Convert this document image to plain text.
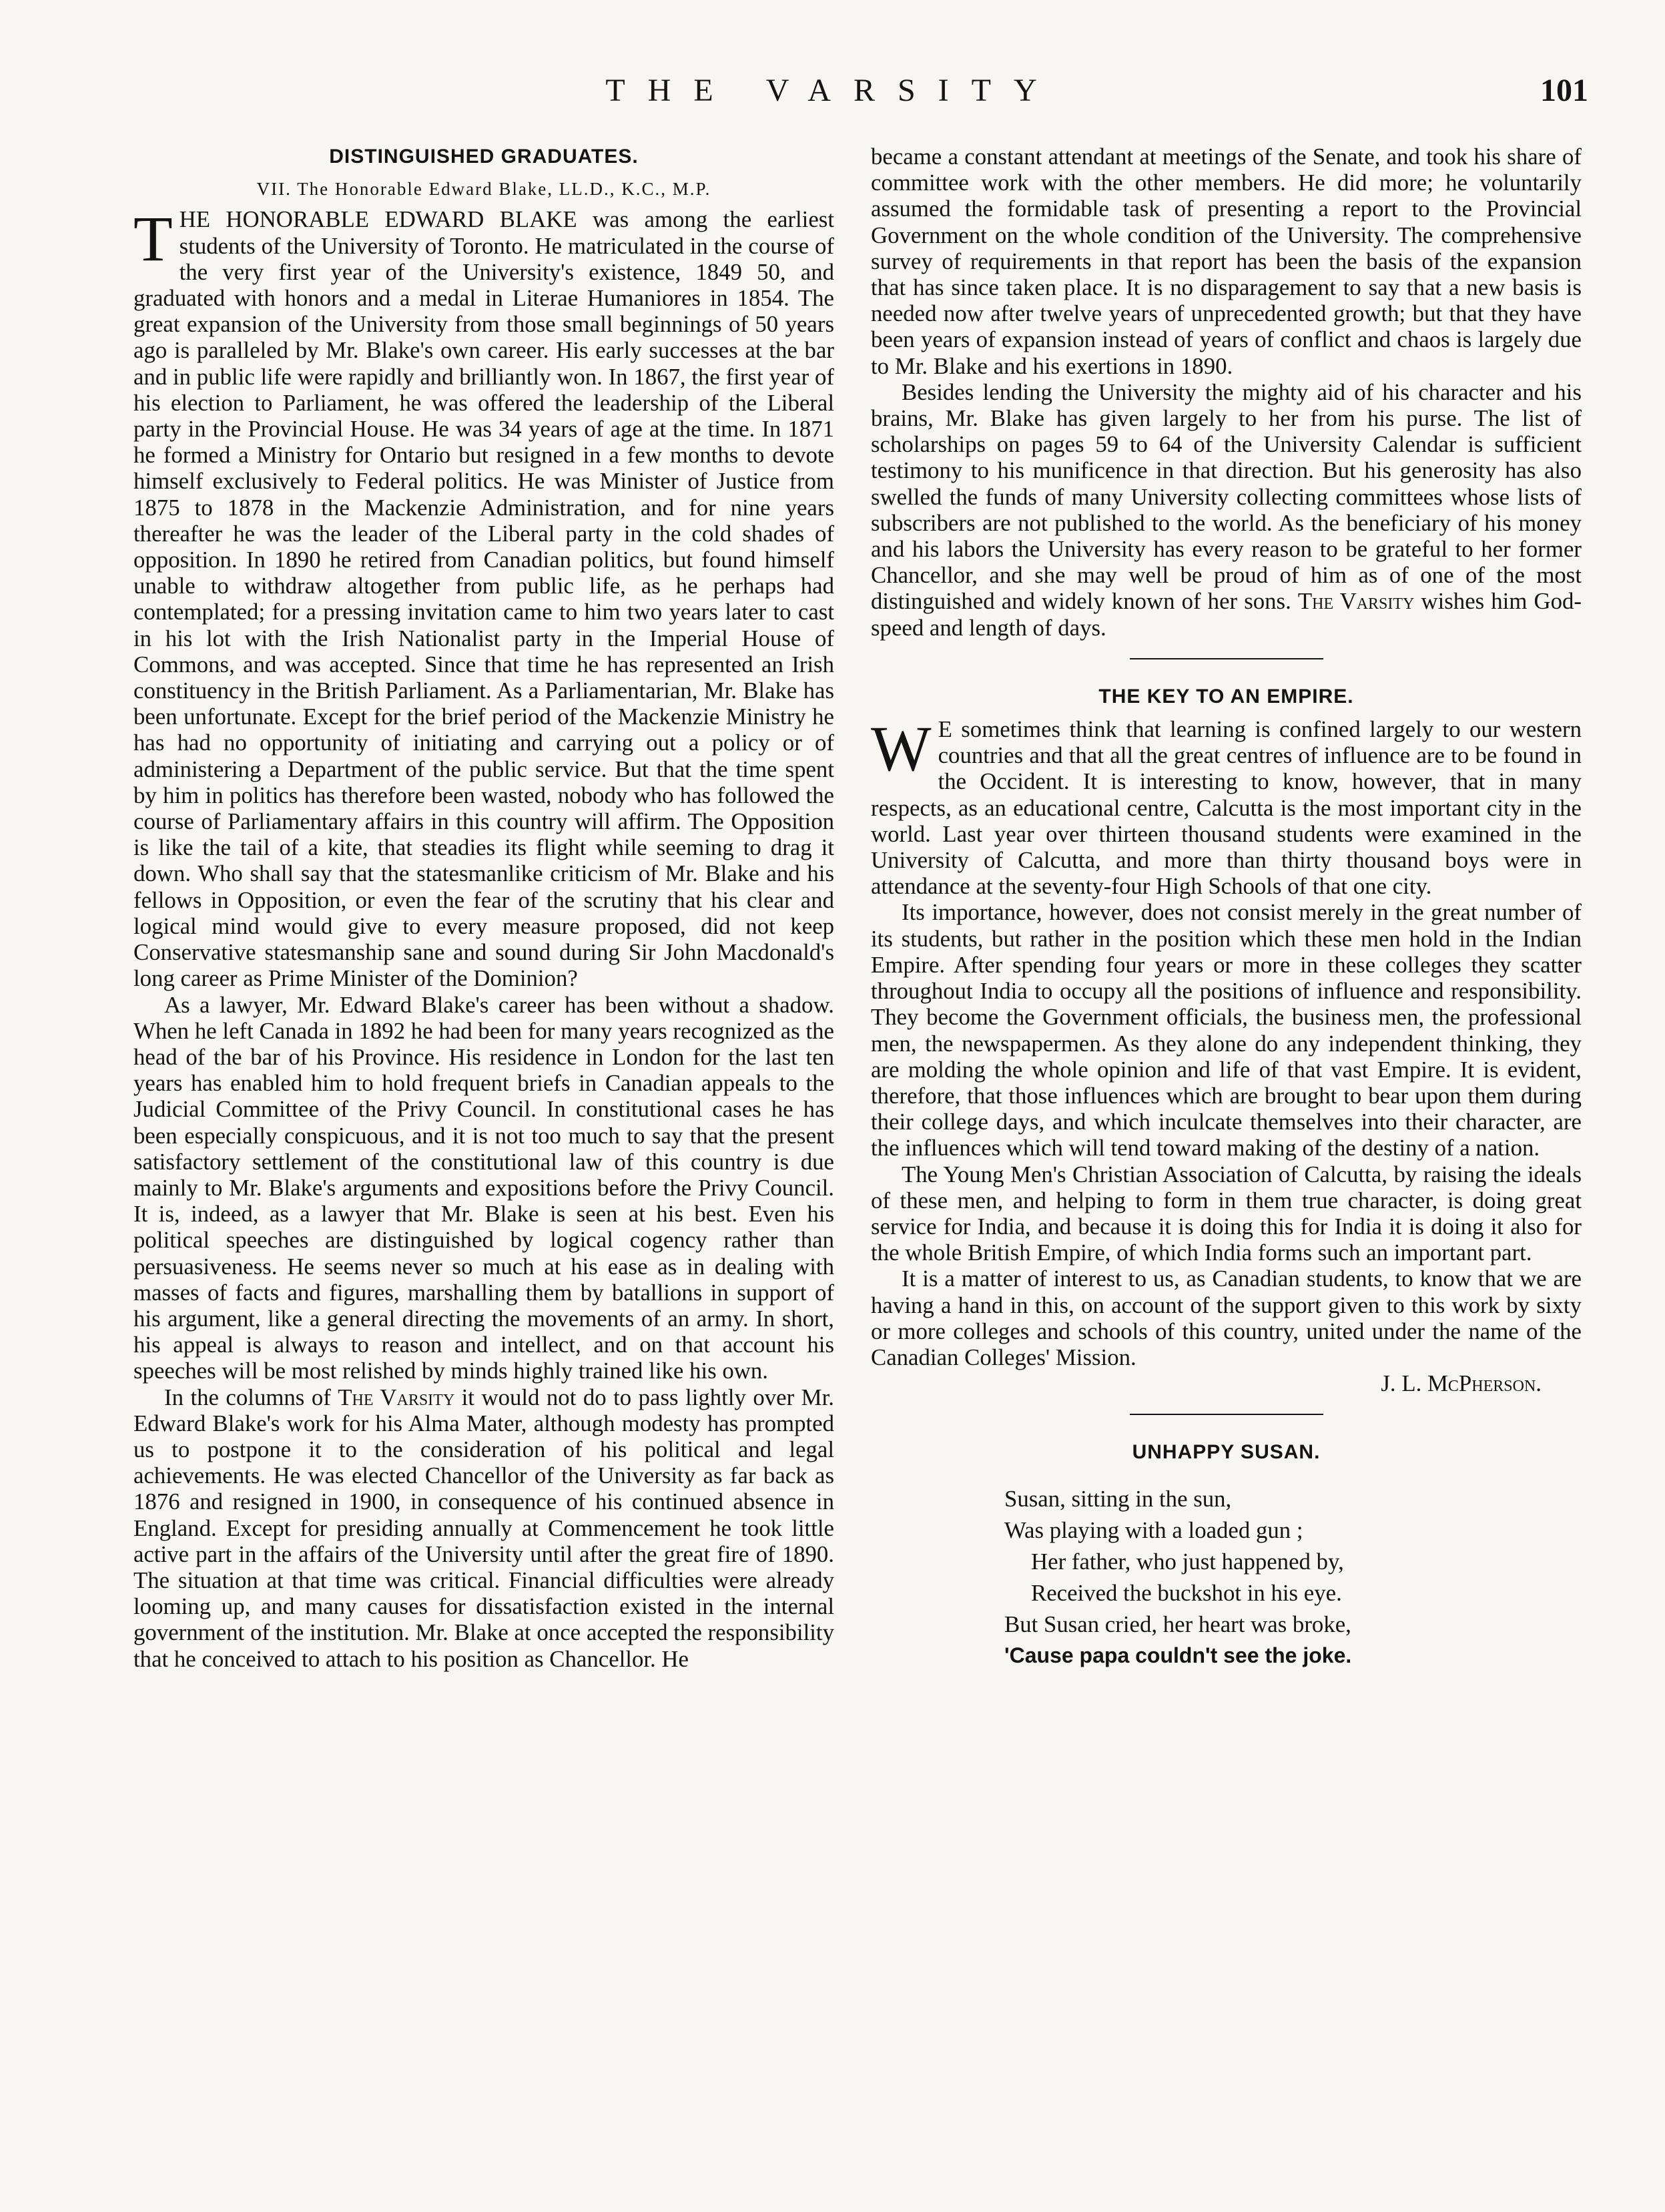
THE VARSITY	101
DISTINGUISHED GRADUATES.
VII. The Honorable Edward Blake, LL.D., K.C., M.P.

THE HONORABLE EDWARD BLAKE was among the earliest students of the University of Toronto. He matriculated in the course of the very first year of the University's existence, 1849 50, and graduated with honors and a medal in Literae Humaniores in 1854. The great expansion of the University from those small beginnings of 50 years ago is paralleled by Mr. Blake's own career. His early successes at the bar and in public life were rapidly and brilliantly won. In 1867, the first year of his election to Parliament, he was offered the leadership of the Liberal party in the Provincial House. He was 34 years of age at the time. In 1871 he formed a Ministry for Ontario but resigned in a few months to devote himself exclusively to Federal politics. He was Minister of Justice from 1875 to 1878 in the Mackenzie Administration, and for nine years thereafter he was the leader of the Liberal party in the cold shades of opposition. In 1890 he retired from Canadian politics, but found himself unable to withdraw altogether from public life, as he perhaps had contemplated; for a pressing invitation came to him two years later to cast in his lot with the Irish Nationalist party in the Imperial House of Commons, and was accepted. Since that time he has represented an Irish constituency in the British Parliament. As a Parliamentarian, Mr. Blake has been unfortunate. Except for the brief period of the Mackenzie Ministry he has had no opportunity of initiating and carrying out a policy or of administering a Department of the public service. But that the time spent by him in politics has therefore been wasted, nobody who has followed the course of Parliamentary affairs in this country will affirm. The Opposition is like the tail of a kite, that steadies its flight while seeming to drag it down. Who shall say that the statesmanlike criticism of Mr. Blake and his fellows in Opposition, or even the fear of the scrutiny that his clear and logical mind would give to every measure proposed, did not keep Conservative statesmanship sane and sound during Sir John Macdonald's long career as Prime Minister of the Dominion?

As a lawyer, Mr. Edward Blake's career has been without a shadow. When he left Canada in 1892 he had been for many years recognized as the head of the bar of his Province. His residence in London for the last ten years has enabled him to hold frequent briefs in Canadian appeals to the Judicial Committee of the Privy Council. In constitutional cases he has been especially conspicuous, and it is not too much to say that the present satisfactory settlement of the constitutional law of this country is due mainly to Mr. Blake's arguments and expositions before the Privy Council. It is, indeed, as a lawyer that Mr. Blake is seen at his best. Even his political speeches are distinguished by logical cogency rather than persuasiveness. He seems never so much at his ease as in dealing with masses of facts and figures, marshalling them by batallions in support of his argument, like a general directing the movements of an army. In short, his appeal is always to reason and intellect, and on that account his speeches will be most relished by minds highly trained like his own.

In the columns of The Varsity it would not do to pass lightly over Mr. Edward Blake's work for his Alma Mater, although modesty has prompted us to postpone it to the consideration of his political and legal achievements. He was elected Chancellor of the University as far back as 1876 and resigned in 1900, in consequence of his continued absence in England. Except for presiding annually at Commencement he took little active part in the affairs of the University until after the great fire of 1890. The situation at that time was critical. Financial difficulties were already looming up, and many causes for dissatisfaction existed in the internal government of the institution. Mr. Blake at once accepted the responsibility that he conceived to attach to his position as Chancellor. He

became a constant attendant at meetings of the Senate, and took his share of committee work with the other members. He did more; he voluntarily assumed the formidable task of presenting a report to the Provincial Government on the whole condition of the University. The comprehensive survey of requirements in that report has been the basis of the expansion that has since taken place. It is no disparagement to say that a new basis is needed now after twelve years of unprecedented growth; but that they have been years of expansion instead of years of conflict and chaos is largely due to Mr. Blake and his exertions in 1890.

Besides lending the University the mighty aid of his character and his brains, Mr. Blake has given largely to her from his purse. The list of scholarships on pages 59 to 64 of the University Calendar is sufficient testimony to his munificence in that direction. But his generosity has also swelled the funds of many University collecting committees whose lists of subscribers are not published to the world. As the beneficiary of his money and his labors the University has every reason to be grateful to her former Chancellor, and she may well be proud of him as of one of the most distinguished and widely known of her sons. The Varsity wishes him God-speed and length of days.

THE KEY TO AN EMPIRE.

W E sometimes think that learning is confined largely to our western countries and that all the great centres of influence are to be found in the Occident. It is interesting to know, however, that in many respects, as an educational centre, Calcutta is the most important city in the world. Last year over thirteen thousand students were examined in the University of Calcutta, and more than thirty thousand boys were in attendance at the seventy-four High Schools of that one city.

Its importance, however, does not consist merely in the great number of its students, but rather in the position which these men hold in the Indian Empire. After spending four years or more in these colleges they scatter throughout India to occupy all the positions of influence and responsibility. They become the Government officials, the business men, the professional men, the newspapermen. As they alone do any independent thinking, they are molding the whole opinion and life of that vast Empire. It is evident, therefore, that those influences which are brought to bear upon them during their college days, and which inculcate themselves into their character, are the influences which will tend toward making of the destiny of a nation.

The Young Men's Christian Association of Calcutta, by raising the ideals of these men, and helping to form in them true character, is doing great service for India, and because it is doing this for India it is doing it also for the whole British Empire, of which India forms such an important part.

It is a matter of interest to us, as Canadian students, to know that we are having a hand in this, on account of the support given to this work by sixty or more colleges and schools of this country, united under the name of the Canadian Colleges' Mission.

J. L. McPherson.
UNHAPPY SUSAN.
Susan, sitting in the sun,
Was playing with a loaded gun ;
Her father, who just happened by,
Received the buckshot in his eye.
But Susan cried, her heart was broke,
'Cause papa couldn't see the joke.
